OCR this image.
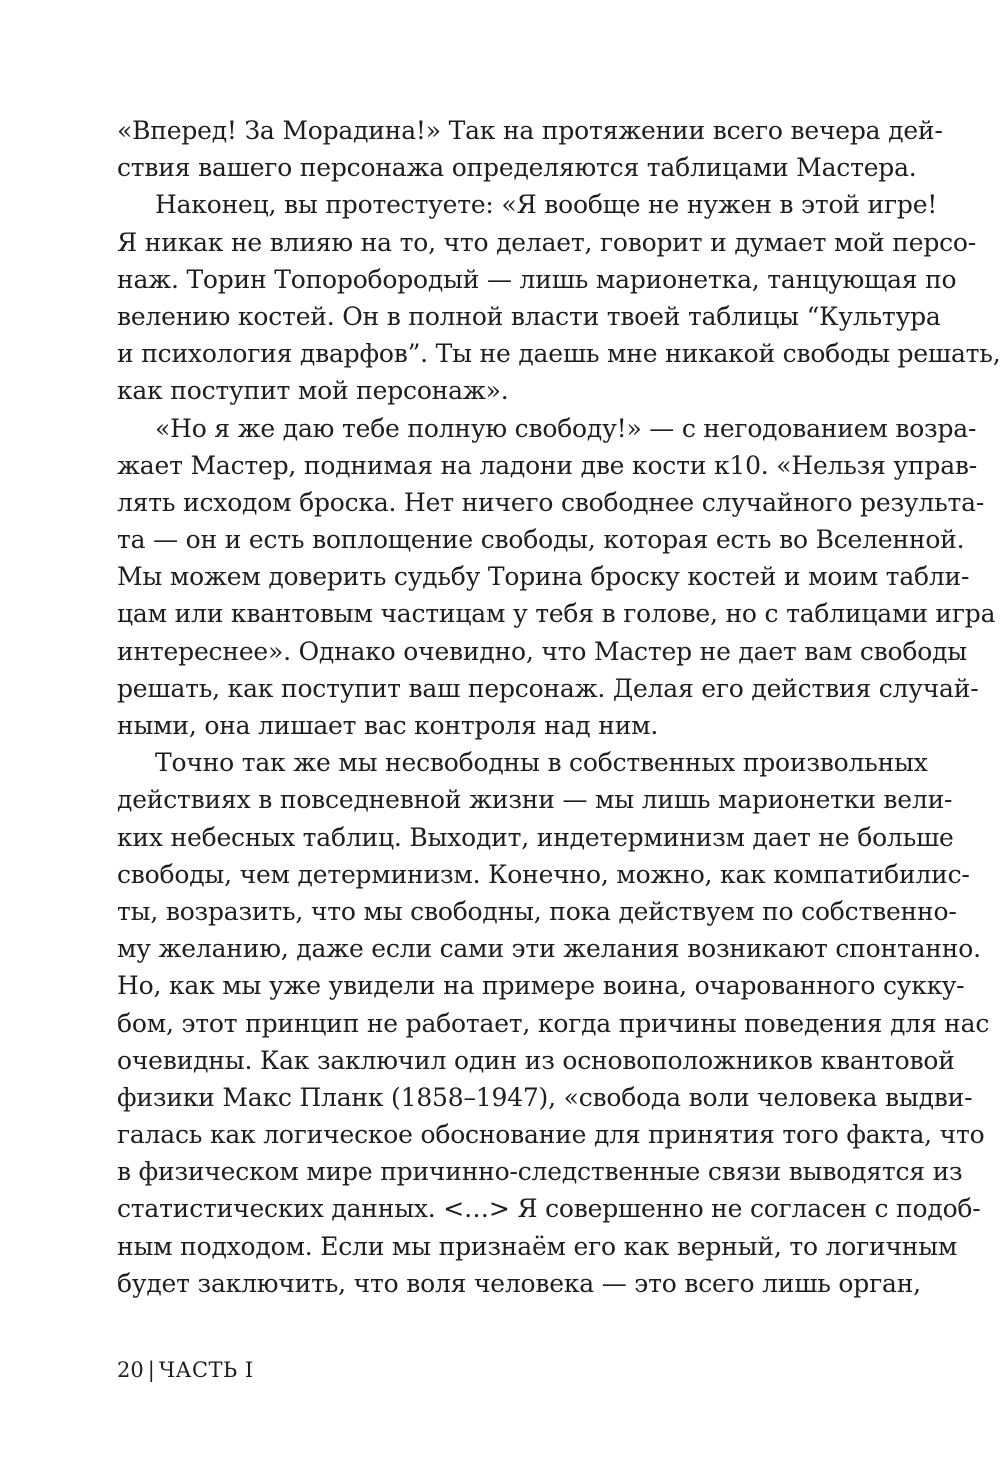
«Вперед! За Морадина!» Так на протяжении всего вечера дей-
ствия вашего персонажа определяются таблицами Мастера.
Наконец, вы протестуете: «Я вообще не нужен в этой игре!
Я никак не влияю на то, что делает, говорит и думает мой персо-
наж. Торин Топоробородый — лишь марионетка, танцующая по
велению костей. Он в полной власти твоей таблицы “Культура
и психология дварфов”. Ты не даешь мне никакой свободы решать,
как поступит мой персонаж».
«Но я же даю тебе полную свободу!» — с негодованием возра-
жает Мастер, поднимая на ладони две кости к10. «Нельзя управ-
лять исходом броска. Нет ничего свободнее случайного результа-
та — он и есть воплощение свободы, которая есть во Вселенной.
Мы можем доверить судьбу Торина броску костей и моим табли-
цам или квантовым частицам у тебя в голове, но с таблицами игра
интереснее». Однако очевидно, что Мастер не дает вам свободы
решать, как поступит ваш персонаж. Делая его действия случай-
ными, она лишает вас контроля над ним.
Точно так же мы несвободны в собственных произвольных
действиях в повседневной жизни — мы лишь марионетки вели-
ких небесных таблиц. Выходит, индетерминизм дает не больше
свободы, чем детерминизм. Конечно, можно, как компатибилис-
ты, возразить, что мы свободны, пока действуем по собственно-
му желанию, даже если сами эти желания возникают спонтанно.
Но, как мы уже увидели на примере воина, очарованного суккy-
бом, этот принцип не работает, когда причины поведения для нас
очевидны. Как заключил один из основоположников квантовой
физики Макс Планк (1858–1947), «свобода воли человека выдви-
галась как логическое обоснование для принятия того факта, что
в физическом мире причинно-следственные связи выводятся из
статистических данных. <…> Я совершенно не согласен с подоб-
ным подходом. Если мы признаём его как верный, то логичным
будет заключить, что воля человека — это всего лишь орган,
20 | ЧАСТЬ I
